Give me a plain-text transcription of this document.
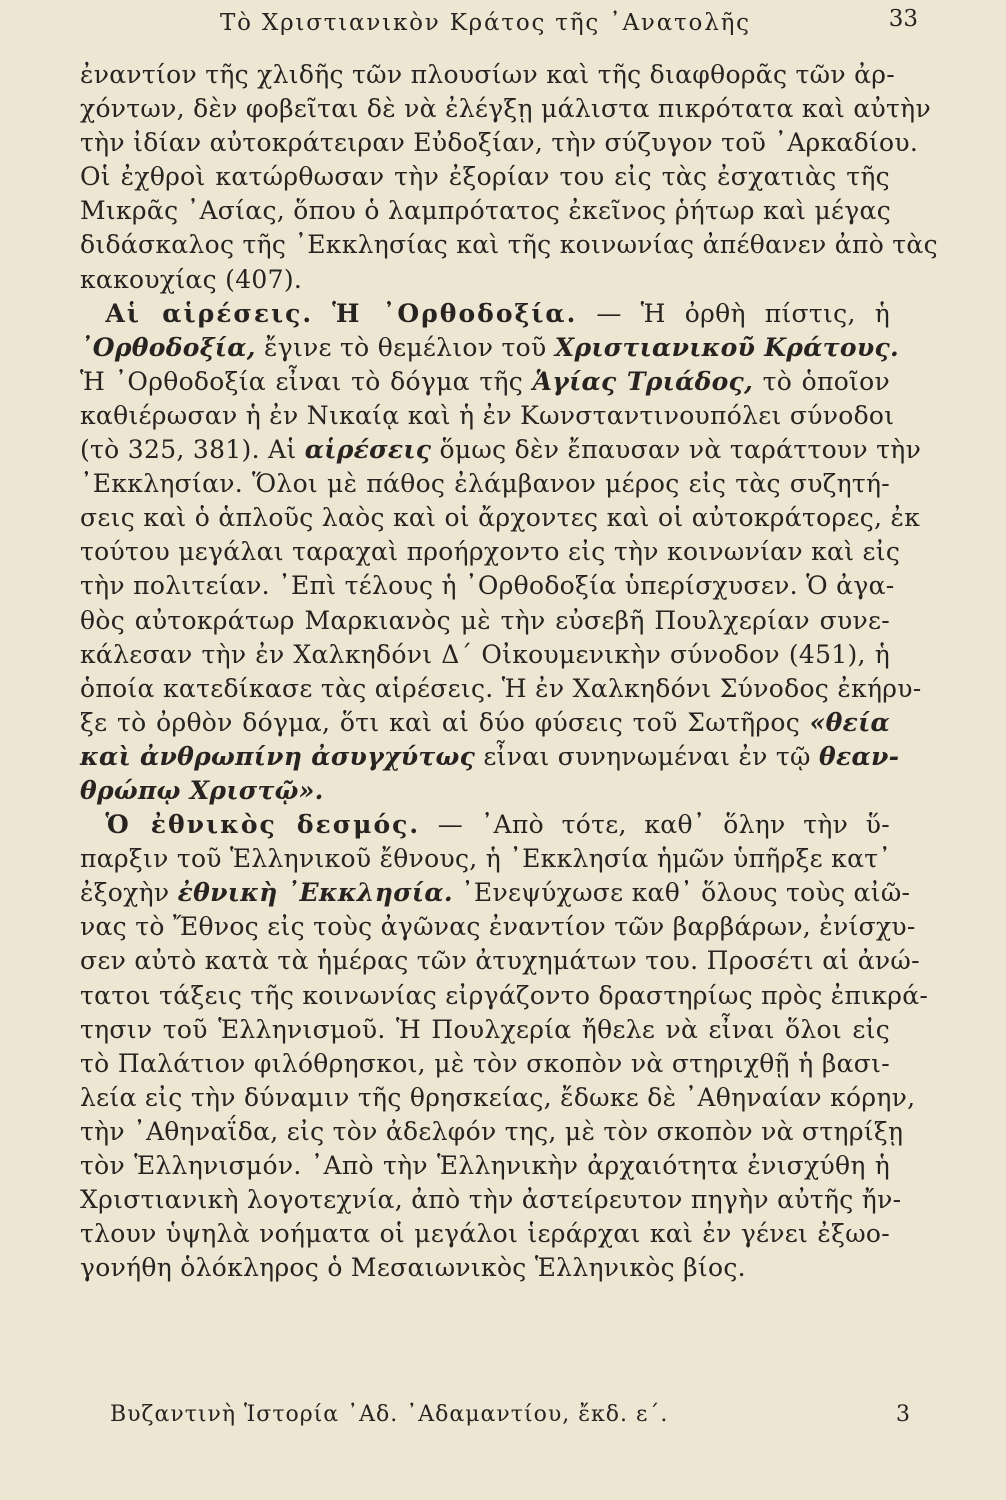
Τὸ Χριστιανικὸν Κράτος τῆς ᾿Ανατολῆς	33
ἐναντίον τῆς χλιδῆς τῶν πλουσίων καὶ τῆς διαφθορᾶς τῶν ἀρ-
χόντων, δὲν φοβεῖται δὲ νὰ ἐλέγξῃ μάλιστα πικρότατα καὶ αὐτὴν
τὴν ἰδίαν αὐτοκράτειραν Εὐδοξίαν, τὴν σύζυγον τοῦ ᾿Αρκαδίου.
Οἱ ἐχθροὶ κατώρθωσαν τὴν ἐξορίαν του εἰς τὰς ἐσχατιὰς τῆς
Μικρᾶς ᾿Ασίας, ὅπου ὁ λαμπρότατος ἐκεῖνος ῥήτωρ καὶ μέγας
διδάσκαλος τῆς ᾿Εκκλησίας καὶ τῆς κοινωνίας ἀπέθανεν ἀπὸ τὰς
κακουχίας (407).
 Αἱ αἱρέσεις. Ἡ ᾿Ορθοδοξία. — Ἡ ὀρθὴ πίστις, ἡ
᾿Ορθοδοξία, ἔγινε τὸ θεμέλιον τοῦ Χριστιανικοῦ Κράτους.
Ἡ ᾿Ορθοδοξία εἶναι τὸ δόγμα τῆς Ἁγίας Τριάδος, τὸ ὁποῖον
καθιέρωσαν ἡ ἐν Νικαίᾳ καὶ ἡ ἐν Κωνσταντινουπόλει σύνοδοι
(τὸ 325, 381). Αἱ αἱρέσεις ὅμως δὲν ἔπαυσαν νὰ ταράττουν τὴν
᾿Εκκλησίαν. Ὅλοι μὲ πάθος ἐλάμβανον μέρος εἰς τὰς συζητή-
σεις καὶ ὁ ἁπλοῦς λαὸς καὶ οἱ ἄρχοντες καὶ οἱ αὐτοκράτορες, ἐκ
τούτου μεγάλαι ταραχαὶ προήρχοντο εἰς τὴν κοινωνίαν καὶ εἰς
τὴν πολιτείαν. ᾿Επὶ τέλους ἡ ᾿Ορθοδοξία ὑπερίσχυσεν. Ὁ ἀγα-
θὸς αὐτοκράτωρ Μαρκιανὸς μὲ τὴν εὐσεβῆ Πουλχερίαν συνε-
κάλεσαν τὴν ἐν Χαλκηδόνι Δ΄ Οἰκουμενικὴν σύνοδον (451), ἡ
ὁποία κατεδίκασε τὰς αἱρέσεις. Ἡ ἐν Χαλκηδόνι Σύνοδος ἐκήρυ-
ξε τὸ ὀρθὸν δόγμα, ὅτι καὶ αἱ δύο φύσεις τοῦ Σωτῆρος «θεία
καὶ ἀνθρωπίνη ἀσυγχύτως εἶναι συνηνωμέναι ἐν τῷ θεαν-
θρώπῳ Χριστῷ».
 Ὁ ἐθνικὸς δεσμός. — ᾿Απὸ τότε, καθ᾿ ὅλην τὴν ὕ-
παρξιν τοῦ Ἑλληνικοῦ ἔθνους, ἡ ᾿Εκκλησία ἡμῶν ὑπῆρξε κατ᾿
ἐξοχὴν ἐθνικὴ ᾿Εκκλησία. ᾿Ενεψύχωσε καθ᾿ ὅλους τοὺς αἰῶ-
νας τὸ Ἔθνος εἰς τοὺς ἀγῶνας ἐναντίον τῶν βαρβάρων, ἐνίσχυ-
σεν αὐτὸ κατὰ τὰ ἡμέρας τῶν ἀτυχημάτων του. Προσέτι αἱ ἀνώ-
τατοι τάξεις τῆς κοινωνίας εἰργάζοντο δραστηρίως πρὸς ἐπικρά-
τησιν τοῦ Ἑλληνισμοῦ. Ἡ Πουλχερία ἤθελε νὰ εἶναι ὅλοι εἰς
τὸ Παλάτιον φιλόθρησκοι, μὲ τὸν σκοπὸν νὰ στηριχθῇ ἡ βασι-
λεία εἰς τὴν δύναμιν τῆς θρησκείας, ἔδωκε δὲ ᾿Αθηναίαν κόρην,
τὴν ᾿Αθηναΐδα, εἰς τὸν ἀδελφόν της, μὲ τὸν σκοπὸν νὰ στηρίξῃ
τὸν Ἑλληνισμόν. ᾿Απὸ τὴν Ἑλληνικὴν ἀρχαιότητα ἐνισχύθη ἡ
Χριστιανικὴ λογοτεχνία, ἀπὸ τὴν ἀστείρευτον πηγὴν αὐτῆς ἤν-
τλουν ὑψηλὰ νοήματα οἱ μεγάλοι ἱεράρχαι καὶ ἐν γένει ἐξωο-
γονήθη ὁλόκληρος ὁ Μεσαιωνικὸς Ἑλληνικὸς βίος.
Βυζαντινὴ Ἱστορία ᾿Αδ. ᾿Αδαμαντίου, ἔκδ. ε΄.	3
